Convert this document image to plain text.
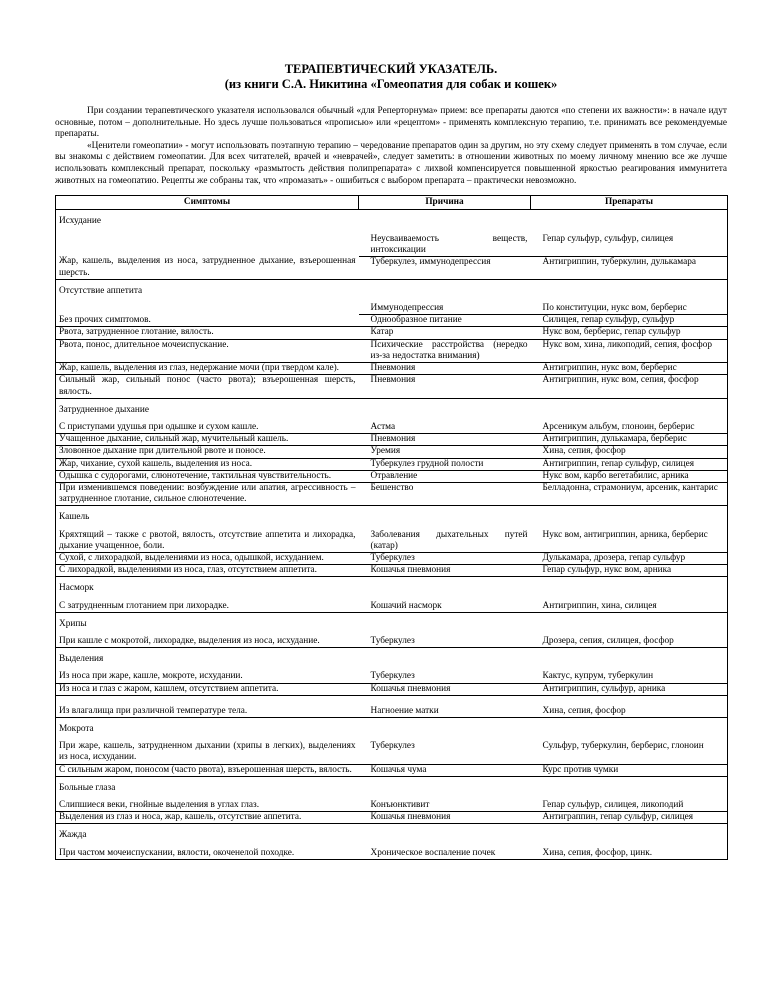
ТЕРАПЕВТИЧЕСКИЙ УКАЗАТЕЛЬ.
(из книги С.А. Никитина «Гомеопатия для собак и кошек»

При создании терапевтического указателя использовался обычный «для Реперторнума» прием: все препараты даются «по степени их важности»: в начале идут основные, потом – дополнительные. Но здесь лучше пользоваться «прописью» или «рецептом» - применять комплексную терапию, т.е. принимать все рекомендуемые препараты.

«Ценители гомеопатии» - могут использовать поэтапную терапию – чередование препаратов один за другим, но эту схему следует применять в том случае, если вы знакомы с действием гомеопатии. Для всех читателей, врачей и «неврачей», следует заметить: в отношении животных по моему личному мнению все же лучше использовать комплексный препарат, поскольку «размытость действия полипрепарата» с лихвой компенсируется повышенной яркостью реагирования иммунитета животных на гомеопатию. Рецепты же собраны так, что «промазать» - ошибиться с выбором препарата – практически невозможно.

Симптомы	Причина	Препараты
Исхудание		
	Неусваиваемость веществ, интоксикации	Гепар сульфур, сульфур, силицея
Жар, кашель, выделения из носа, затрудненное дыхание, взъерошенная шерсть.	Туберкулез, иммунодепрессия	Антигриппин, туберкулин, дулькамара
Отсутствие аппетита		
	Иммунодепрессия	По конституции, нукс вом, берберис
Без прочих симптомов.	Однообразное питание	Силицея, гепар сульфур, сульфур
Рвота, затрудненное глотание, вялость.	Катар	Нукс вом, берберис, гепар сульфур
Рвота, понос, длительное мочеиспускание.	Психические расстройства (нередко из-за недостатка внимания)	Нукс вом, хина, ликоподий, сепия, фосфор
Жар, кашель, выделения из глаз, недержание мочи (при твердом кале).	Пневмония	Антигриппин, нукс вом, берберис
Сильный жар, сильный понос (часто рвота); взъерошенная шерсть, вялость.	Пневмония	Антигриппин, нукс вом, сепия, фосфор
Затрудненное дыхание		
С приступами удушья при одышке и сухом кашле.	Астма	Арсеникум альбум, глоноин, берберис
Учащенное дыхание, сильный жар, мучительный кашель.	Пневмония	Антигриппин, дулькамара, берберис
Зловонное дыхание при длительной рвоте и поносе.	Уремия	Хина, сепия, фосфор
Жар, чихание, сухой кашель, выделения из носа.	Туберкулез грудной полости	Антигриппин, гепар сульфур, силицея
Одышка с судорогами, слюнотечение, тактильная чувствительность.	Отравление	Нукс вом, карбо вегетабилис, арника
При изменившемся поведении: возбуждение или апатия, агрессивность – затрудненное глотание, сильное слюнотечение.	Бешенство	Белладонна, страмониум, арсеник, кантарис
Кашель		
Кряхтящий – также с рвотой, вялость, отсутствие аппетита и лихорадка, дыхание учащенное, боли.	Заболевания дыхательных путей (катар)	Нукс вом, антигриппин, арника, берберис
Сухой, с лихорадкой, выделениями из носа, одышкой, исхуданием.	Туберкулез	Дулькамара, дрозера, гепар сульфур
С лихорадкой, выделениями из носа, глаз, отсутствием аппетита.	Кошачья пневмония	Гепар сульфур, нукс вом, арника
Насморк		
С затрудненным глотанием при лихорадке.	Кошачий насморк	Антигриппин, хина, силицея
Хрипы		
При кашле с мокротой, лихорадке, выделения из носа, исхудание.	Туберкулез	Дрозера, сепия, силицея, фосфор
Выделения		
Из носа при жаре, кашле, мокроте, исхудании.	Туберкулез	Кактус, купрум, туберкулин
Из носа и глаз с жаром, кашлем, отсутствием аппетита.	Кошачья пневмония	Антигриппин, сульфур, арника

Из влагалища при различной температуре тела.	Нагноение матки	Хина, сепия, фосфор
Мокрота		
При жаре, кашель, затрудненном дыхании (хрипы в легких), выделениях из носа, исхудании.	Туберкулез	Сульфур, туберкулин, берберис, глоноин
С сильным жаром, поносом (часто рвота), взъерошенная шерсть, вялость.	Кошачья чума	Курс против чумки
Больные глаза		
Слипшиеся веки, гнойные выделения в углах глаз.	Конъюнктивит	Гепар сульфур, силицея, ликоподий
Выделения из глаз и носа, жар, кашель, отсутствие аппетита.	Кошачья пневмония	Антиграппин, гепар сульфур, силицея
Жажда		
При частом мочеиспускании, вялости, окоченелой походке.	Хроническое воспаление почек	Хина, сепия, фосфор, цинк.
